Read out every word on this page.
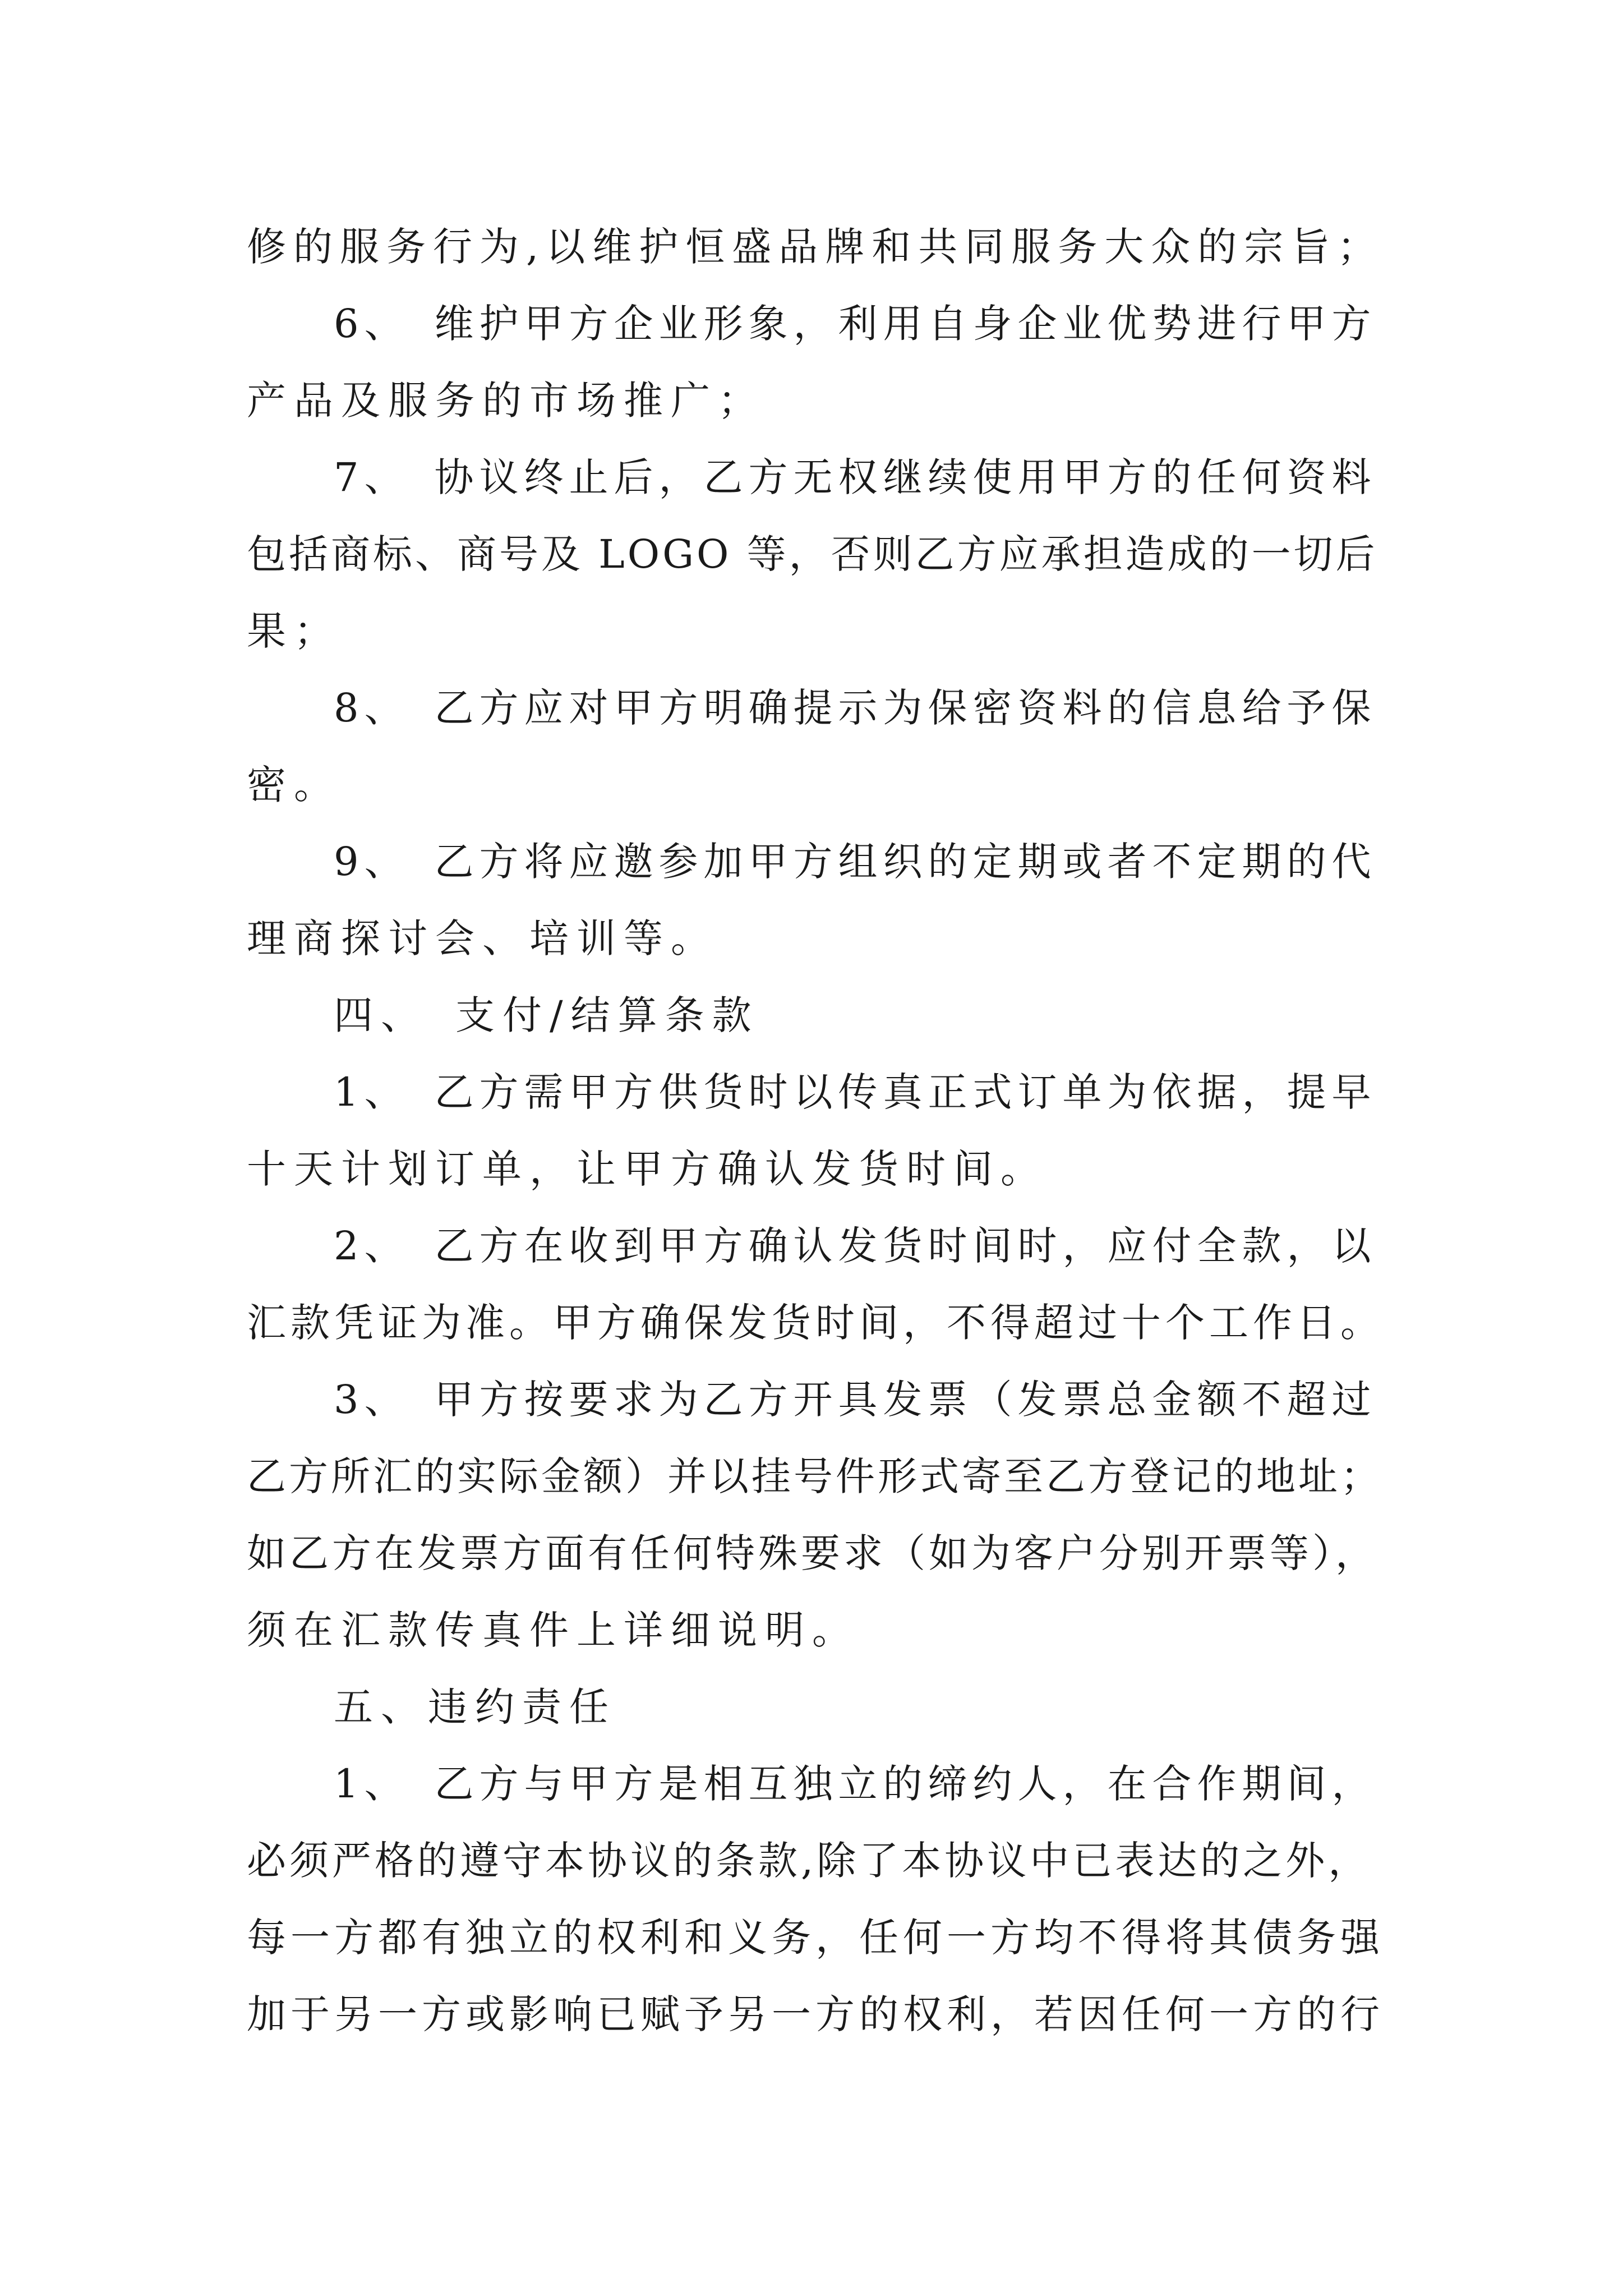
修的服务行为,以维护恒盛品牌和共同服务大众的宗旨；
6、　维护甲方企业形象，利用自身企业优势进行甲方
产品及服务的市场推广；
7、　协议终止后，乙方无权继续使用甲方的任何资料
包括商标、商号及 LOGO 等，否则乙方应承担造成的一切后
果；
8、　乙方应对甲方明确提示为保密资料的信息给予保
密。
9、　乙方将应邀参加甲方组织的定期或者不定期的代
理商探讨会、培训等。
四、　支付/结算条款
1、　乙方需甲方供货时以传真正式订单为依据，提早
十天计划订单，让甲方确认发货时间。
2、　乙方在收到甲方确认发货时间时，应付全款，以
汇款凭证为准。甲方确保发货时间，不得超过十个工作日。
3、　甲方按要求为乙方开具发票（发票总金额不超过
乙方所汇的实际金额）并以挂号件形式寄至乙方登记的地址；
如乙方在发票方面有任何特殊要求（如为客户分别开票等），
须在汇款传真件上详细说明。
五、违约责任
1、　乙方与甲方是相互独立的缔约人，在合作期间，
必须严格的遵守本协议的条款,除了本协议中已表达的之外，
每一方都有独立的权利和义务，任何一方均不得将其债务强
加于另一方或影响已赋予另一方的权利，若因任何一方的行
